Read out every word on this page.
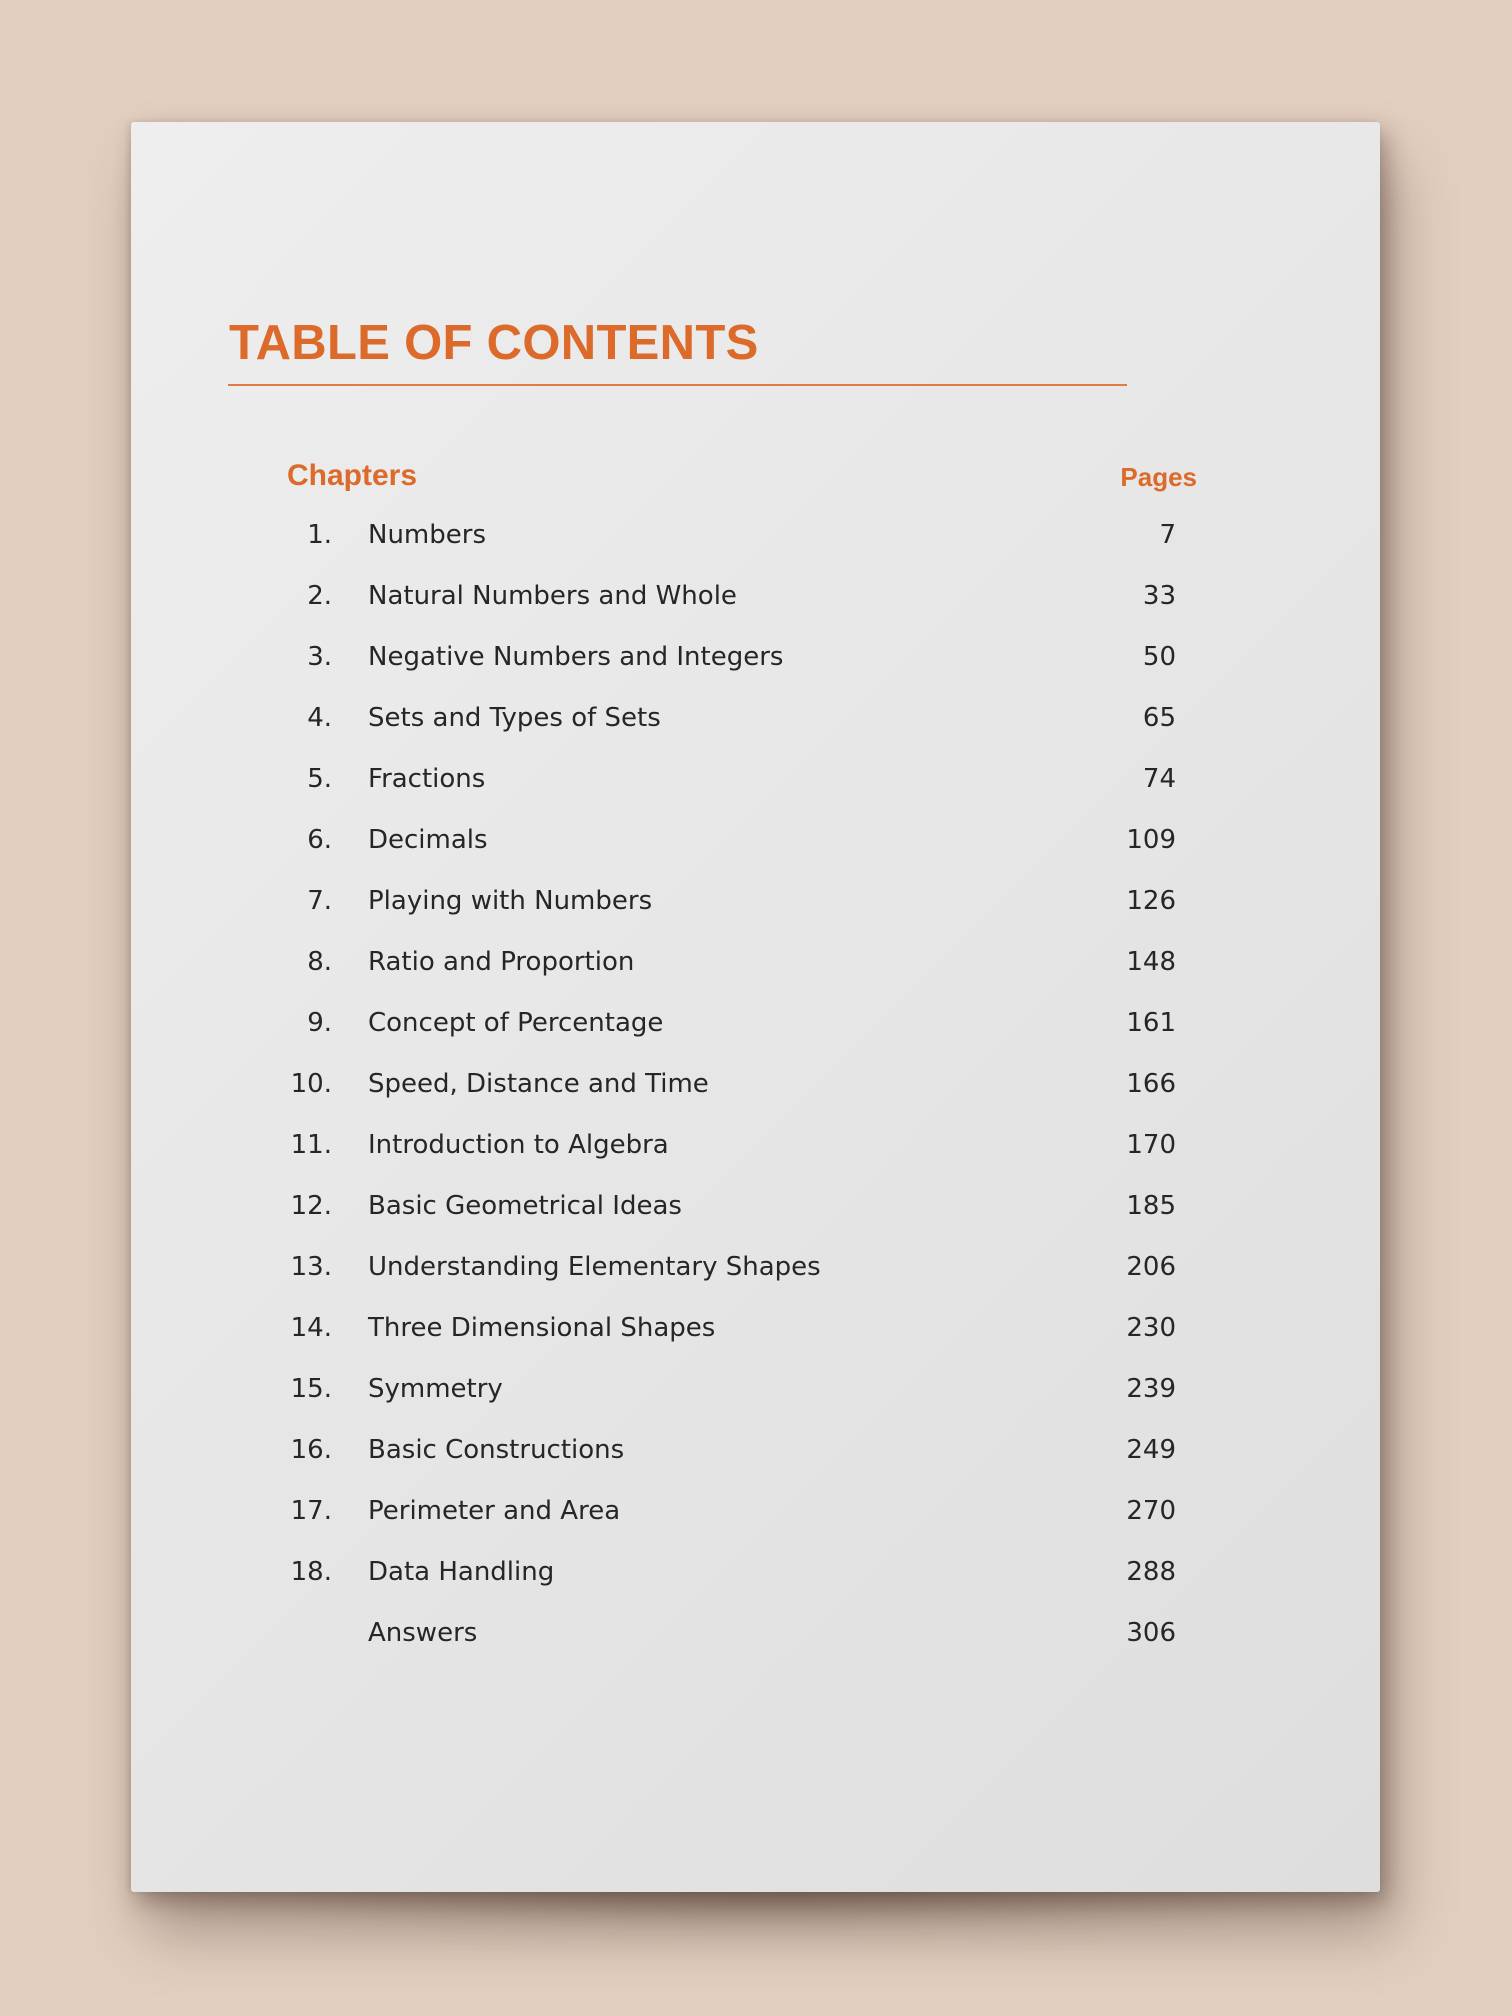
TABLE OF CONTENTS
Chapters	Pages
1. Numbers	7
2. Natural Numbers and Whole	33
3. Negative Numbers and Integers	50
4. Sets and Types of Sets	65
5. Fractions	74
6. Decimals	109
7. Playing with Numbers	126
8. Ratio and Proportion	148
9. Concept of Percentage	161
10. Speed, Distance and Time	166
11. Introduction to Algebra	170
12. Basic Geometrical Ideas	185
13. Understanding Elementary Shapes	206
14. Three Dimensional Shapes	230
15. Symmetry	239
16. Basic Constructions	249
17. Perimeter and Area	270
18. Data Handling	288
Answers	306
